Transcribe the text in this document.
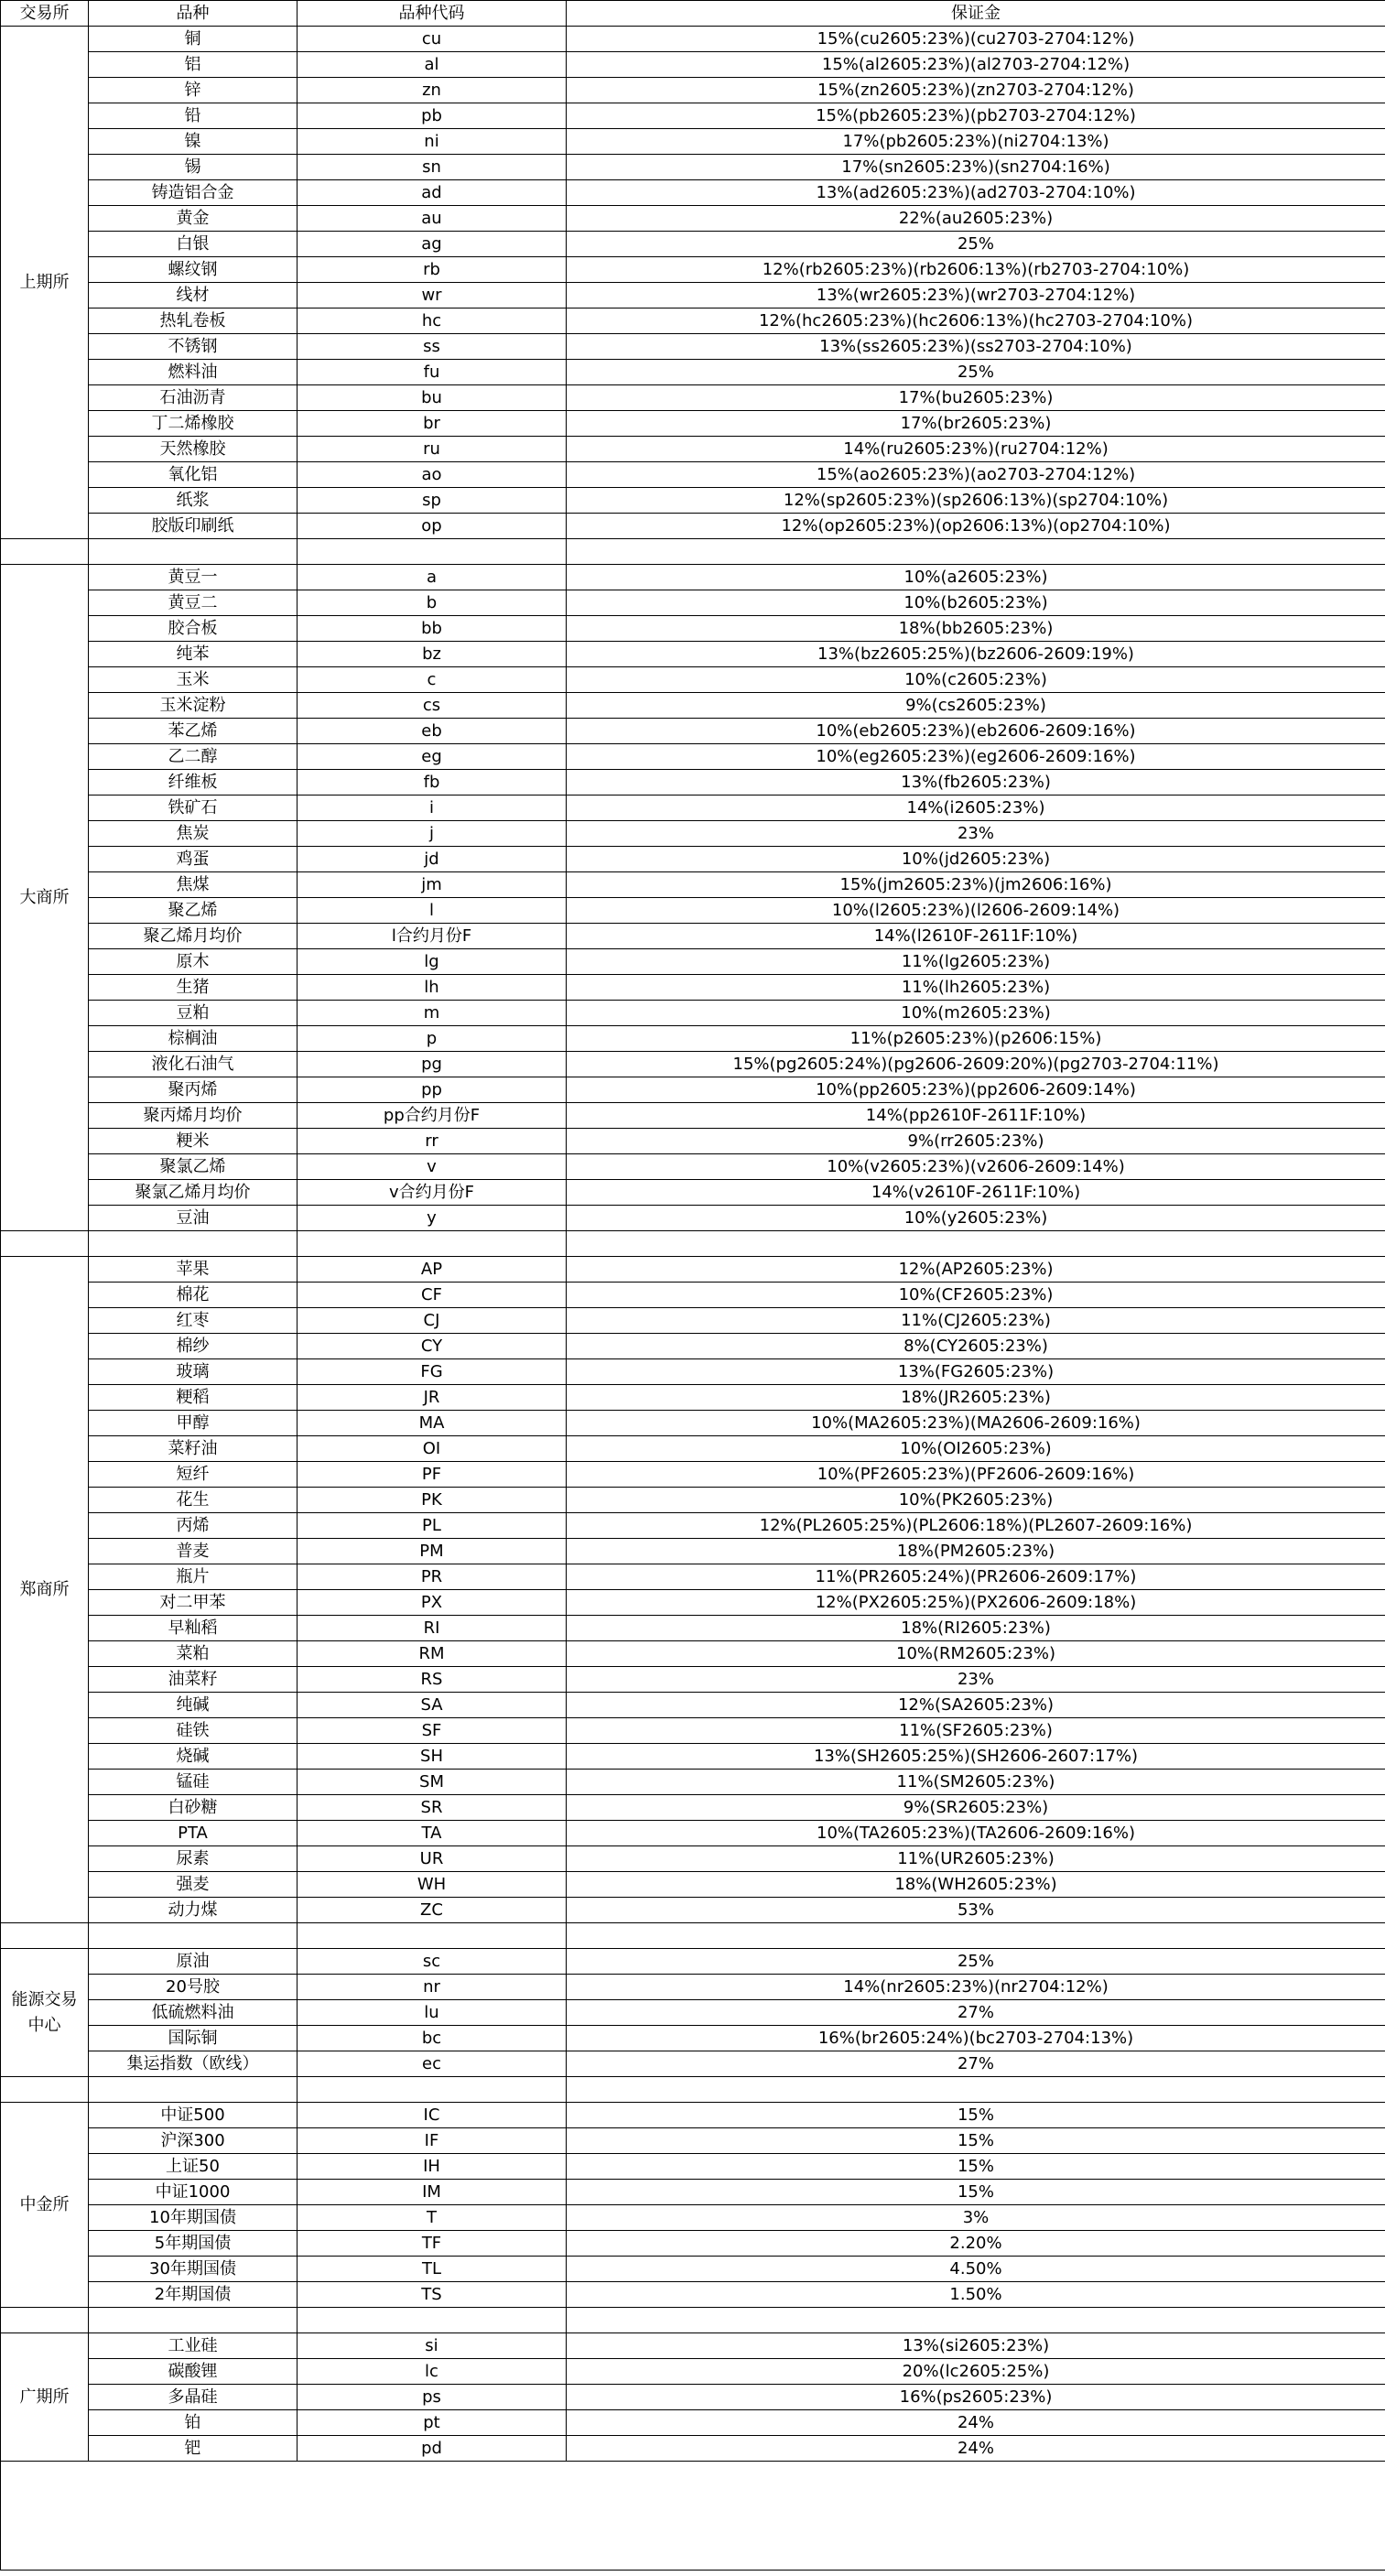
交易所	品种	品种代码	保证金
上期所	铜	cu	15%(cu2605:23%)(cu2703-2704:12%)
	铝	al	15%(al2605:23%)(al2703-2704:12%)
	锌	zn	15%(zn2605:23%)(zn2703-2704:12%)
	铅	pb	15%(pb2605:23%)(pb2703-2704:12%)
	镍	ni	17%(pb2605:23%)(ni2704:13%)
	锡	sn	17%(sn2605:23%)(sn2704:16%)
	铸造铝合金	ad	13%(ad2605:23%)(ad2703-2704:10%)
	黄金	au	22%(au2605:23%)
	白银	ag	25%
	螺纹钢	rb	12%(rb2605:23%)(rb2606:13%)(rb2703-2704:10%)
	线材	wr	13%(wr2605:23%)(wr2703-2704:12%)
	热轧卷板	hc	12%(hc2605:23%)(hc2606:13%)(hc2703-2704:10%)
	不锈钢	ss	13%(ss2605:23%)(ss2703-2704:10%)
	燃料油	fu	25%
	石油沥青	bu	17%(bu2605:23%)
	丁二烯橡胶	br	17%(br2605:23%)
	天然橡胶	ru	14%(ru2605:23%)(ru2704:12%)
	氧化铝	ao	15%(ao2605:23%)(ao2703-2704:12%)
	纸浆	sp	12%(sp2605:23%)(sp2606:13%)(sp2704:10%)
	胶版印刷纸	op	12%(op2605:23%)(op2606:13%)(op2704:10%)

大商所	黄豆一	a	10%(a2605:23%)
	黄豆二	b	10%(b2605:23%)
	胶合板	bb	18%(bb2605:23%)
	纯苯	bz	13%(bz2605:25%)(bz2606-2609:19%)
	玉米	c	10%(c2605:23%)
	玉米淀粉	cs	9%(cs2605:23%)
	苯乙烯	eb	10%(eb2605:23%)(eb2606-2609:16%)
	乙二醇	eg	10%(eg2605:23%)(eg2606-2609:16%)
	纤维板	fb	13%(fb2605:23%)
	铁矿石	i	14%(i2605:23%)
	焦炭	j	23%
	鸡蛋	jd	10%(jd2605:23%)
	焦煤	jm	15%(jm2605:23%)(jm2606:16%)
	聚乙烯	l	10%(l2605:23%)(l2606-2609:14%)
	聚乙烯月均价	l合约月份F	14%(l2610F-2611F:10%)
	原木	lg	11%(lg2605:23%)
	生猪	lh	11%(lh2605:23%)
	豆粕	m	10%(m2605:23%)
	棕榈油	p	11%(p2605:23%)(p2606:15%)
	液化石油气	pg	15%(pg2605:24%)(pg2606-2609:20%)(pg2703-2704:11%)
	聚丙烯	pp	10%(pp2605:23%)(pp2606-2609:14%)
	聚丙烯月均价	pp合约月份F	14%(pp2610F-2611F:10%)
	粳米	rr	9%(rr2605:23%)
	聚氯乙烯	v	10%(v2605:23%)(v2606-2609:14%)
	聚氯乙烯月均价	v合约月份F	14%(v2610F-2611F:10%)
	豆油	y	10%(y2605:23%)

郑商所	苹果	AP	12%(AP2605:23%)
	棉花	CF	10%(CF2605:23%)
	红枣	CJ	11%(CJ2605:23%)
	棉纱	CY	8%(CY2605:23%)
	玻璃	FG	13%(FG2605:23%)
	粳稻	JR	18%(JR2605:23%)
	甲醇	MA	10%(MA2605:23%)(MA2606-2609:16%)
	菜籽油	OI	10%(OI2605:23%)
	短纤	PF	10%(PF2605:23%)(PF2606-2609:16%)
	花生	PK	10%(PK2605:23%)
	丙烯	PL	12%(PL2605:25%)(PL2606:18%)(PL2607-2609:16%)
	普麦	PM	18%(PM2605:23%)
	瓶片	PR	11%(PR2605:24%)(PR2606-2609:17%)
	对二甲苯	PX	12%(PX2605:25%)(PX2606-2609:18%)
	早籼稻	RI	18%(RI2605:23%)
	菜粕	RM	10%(RM2605:23%)
	油菜籽	RS	23%
	纯碱	SA	12%(SA2605:23%)
	硅铁	SF	11%(SF2605:23%)
	烧碱	SH	13%(SH2605:25%)(SH2606-2607:17%)
	锰硅	SM	11%(SM2605:23%)
	白砂糖	SR	9%(SR2605:23%)
	PTA	TA	10%(TA2605:23%)(TA2606-2609:16%)
	尿素	UR	11%(UR2605:23%)
	强麦	WH	18%(WH2605:23%)
	动力煤	ZC	53%

能源交易中心	原油	sc	25%
	20号胶	nr	14%(nr2605:23%)(nr2704:12%)
	低硫燃料油	lu	27%
	国际铜	bc	16%(br2605:24%)(bc2703-2704:13%)
	集运指数（欧线）	ec	27%

中金所	中证500	IC	15%
	沪深300	IF	15%
	上证50	IH	15%
	中证1000	IM	15%
	10年期国债	T	3%
	5年期国债	TF	2.20%
	30年期国债	TL	4.50%
	2年期国债	TS	1.50%

广期所	工业硅	si	13%(si2605:23%)
	碳酸锂	lc	20%(lc2605:25%)
	多晶硅	ps	16%(ps2605:23%)
	铂	pt	24%
	钯	pd	24%
